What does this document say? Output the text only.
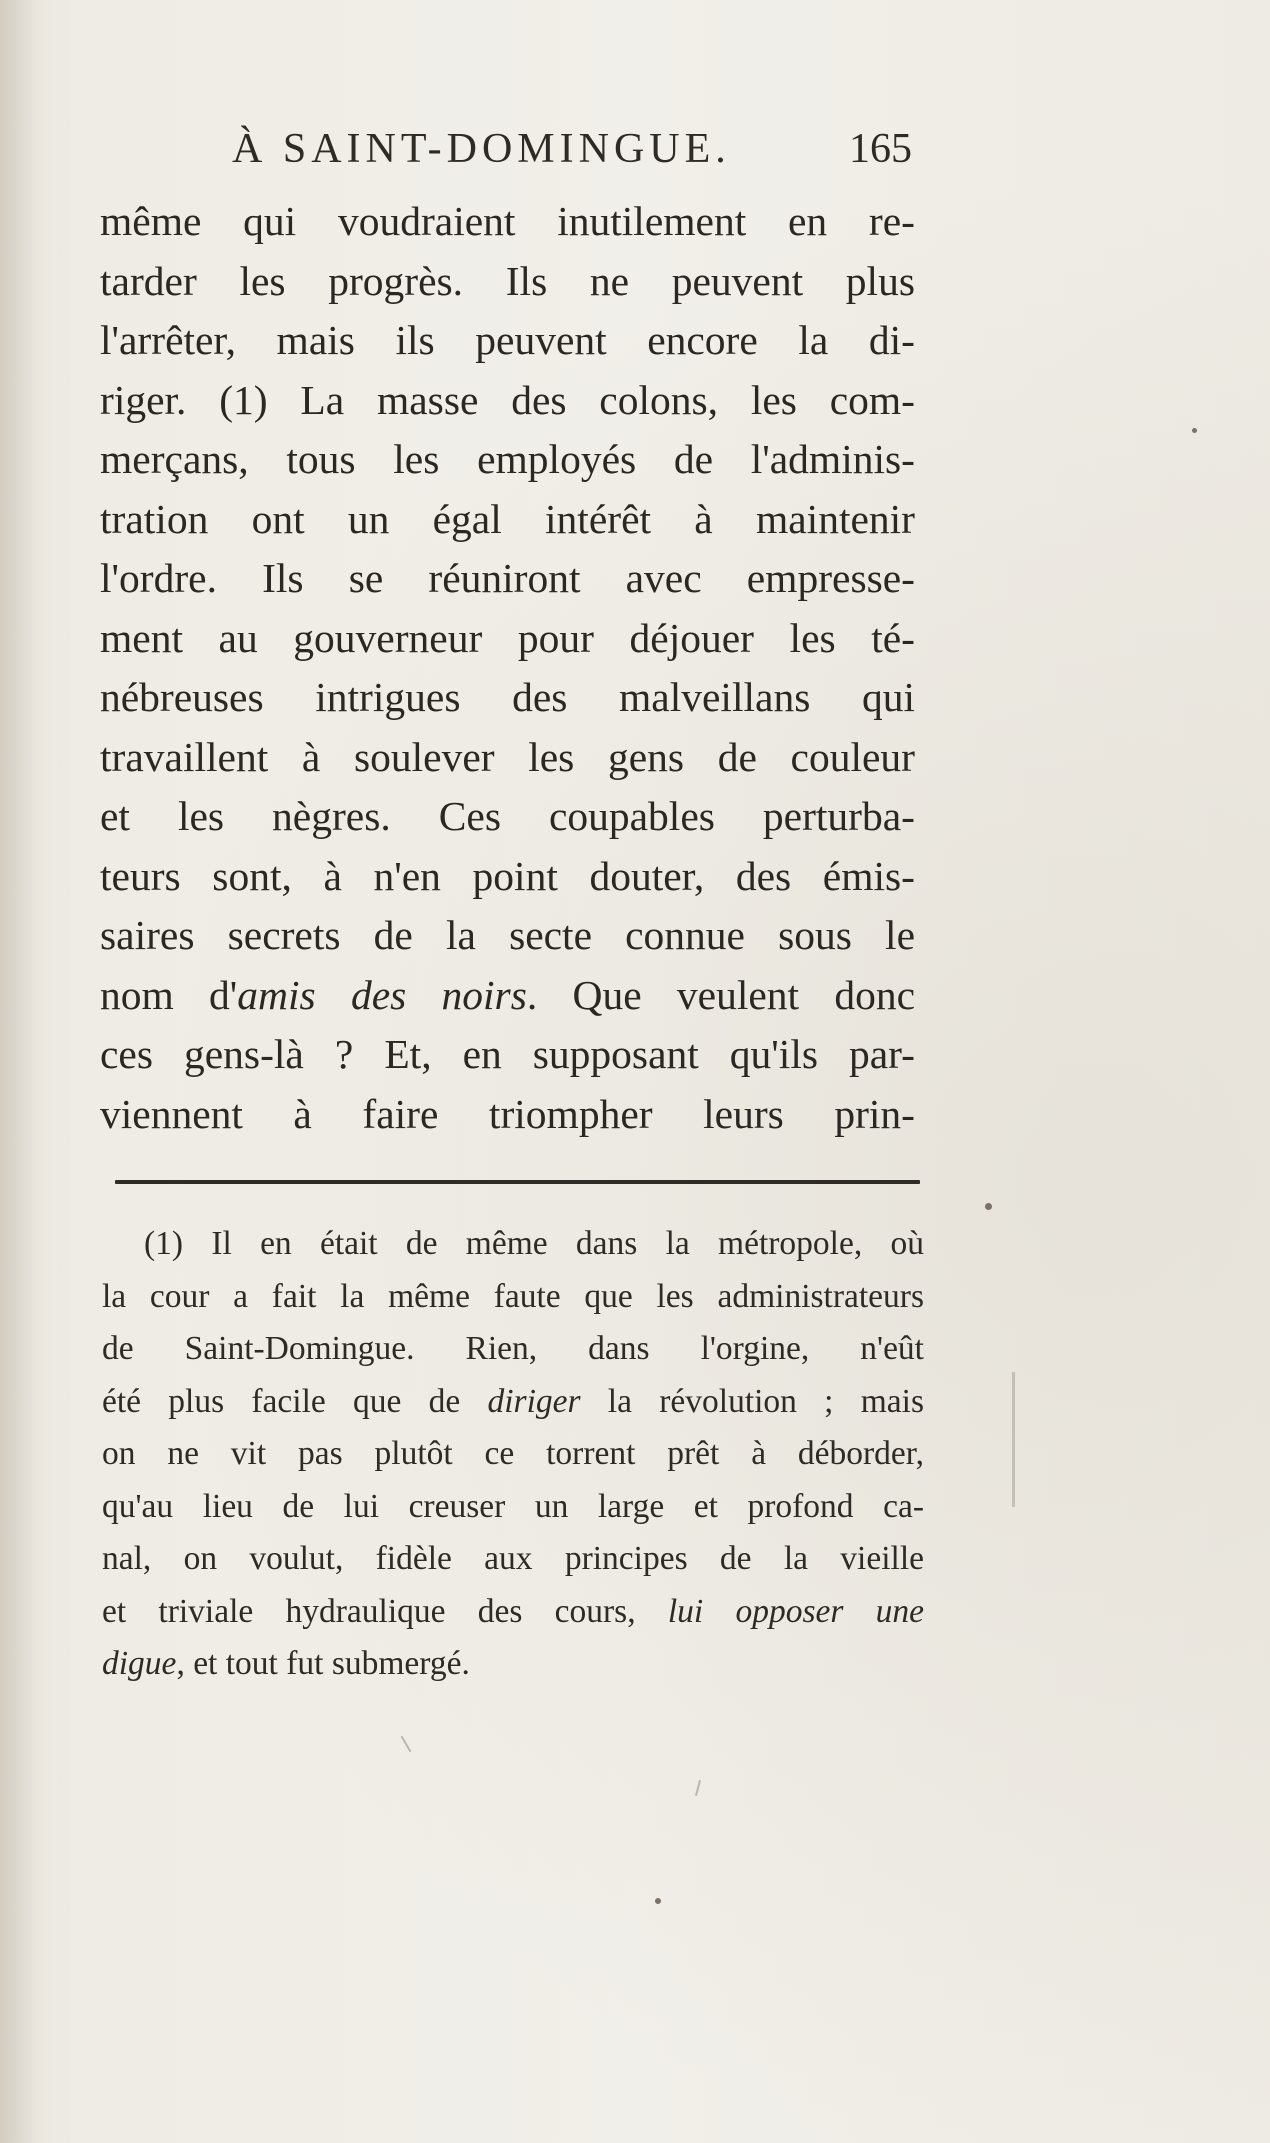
À SAINT-DOMINGUE.	165
même qui voudraient inutilement en re-
tarder les progrès. Ils ne peuvent plus
l'arrêter, mais ils peuvent encore la di-
riger. (1) La masse des colons, les com-
merçans, tous les employés de l'adminis-
tration ont un égal intérêt à maintenir
l'ordre. Ils se réuniront avec empresse-
ment au gouverneur pour déjouer les té-
nébreuses intrigues des malveillans qui
travaillent à soulever les gens de couleur
et les nègres. Ces coupables perturba-
teurs sont, à n'en point douter, des émis-
saires secrets de la secte connue sous le
nom d'amis des noirs. Que veulent donc
ces gens-là ? Et, en supposant qu'ils par-
viennent à faire triompher leurs prin-
(1) Il en était de même dans la métropole, où
la cour a fait la même faute que les administrateurs
de Saint-Domingue. Rien, dans l'orgine, n'eût
été plus facile que de diriger la révolution ; mais
on ne vit pas plutôt ce torrent prêt à déborder,
qu'au lieu de lui creuser un large et profond ca-
nal, on voulut, fidèle aux principes de la vieille
et triviale hydraulique des cours, lui opposer une
digue, et tout fut submergé.
